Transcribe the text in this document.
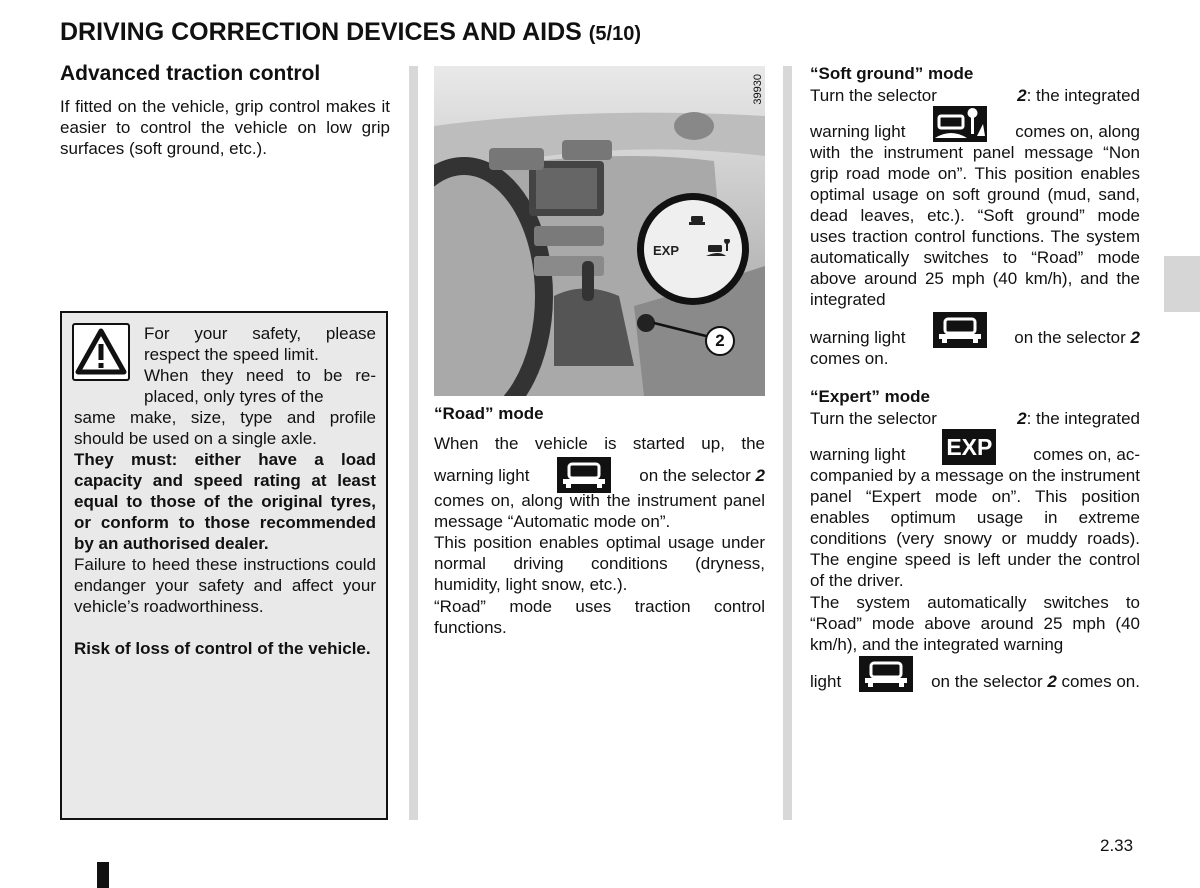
DRIVING CORRECTION DEVICES AND AIDS (5/10)
Advanced traction control
If fitted on the vehicle, grip control makes it easier to control the vehicle on low grip surfaces (soft ground, etc.).
For your safety, please respect the speed limit.
When they need to be re-placed, only tyres of the
same make, size, type and profile should be used on a single axle.
They must: either have a load capacity and speed rating at least equal to those of the original tyres, or conform to those recommended by an authorised dealer.
Failure to heed these instructions could endanger your safety and affect your vehicle’s roadworthiness.
Risk of loss of control of the vehicle.
EXP
2
39930
“Road” mode
When the vehicle is started up, the
warning light	on the selector 2
comes on, along with the instrument panel message “Automatic mode on”.
This position enables optimal usage under normal driving conditions (dryness, humidity, light snow, etc.).
“Road” mode uses traction control functions.
“Soft ground” mode
Turn the selector	2: the integrated
warning light	comes on, along
with the instrument panel message “Non grip road mode on”. This position enables optimal usage on soft ground (mud, sand, dead leaves, etc.). “Soft ground” mode uses traction control functions. The system automatically switches to “Road” mode above around 25 mph (40 km/h), and the integrated
warning light	on the selector 2
comes on.
“Expert” mode
Turn the selector	2: the integrated
warning light EXP comes on, ac-
companied by a message on the instrument panel “Expert mode on”. This position enables optimum usage in extreme conditions (very snowy or muddy roads). The engine speed is left under the control of the driver.
The system automatically switches to “Road” mode above around 25 mph (40 km/h), and the integrated warning
light	on the selector 2 comes on.
2.33
